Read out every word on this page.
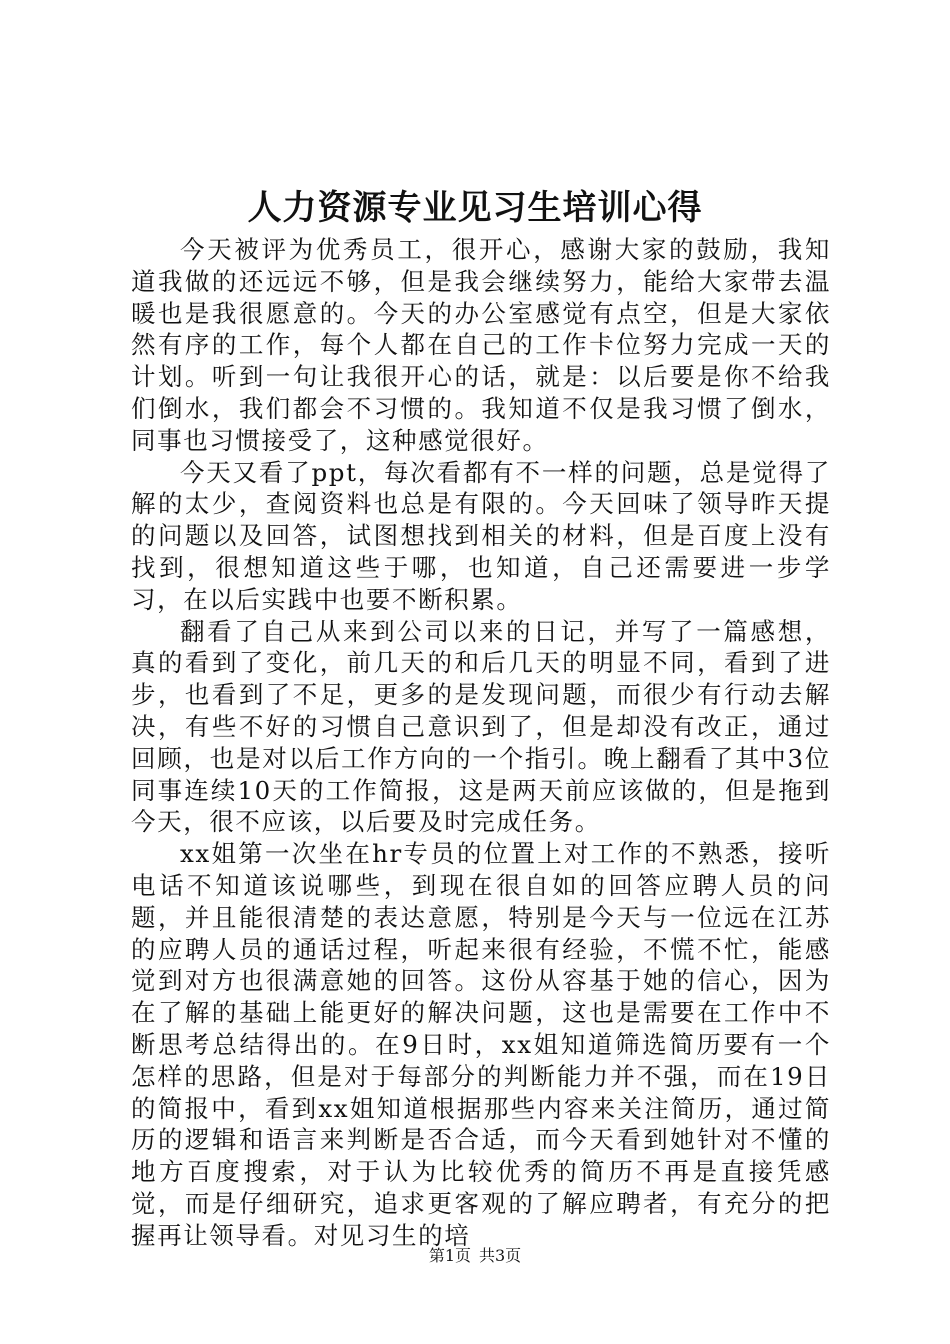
人力资源专业见习生培训心得

今天被评为优秀员工，很开心，感谢大家的鼓励，我知道我做的还远远不够，但是我会继续努力，能给大家带去温暖也是我很愿意的。今天的办公室感觉有点空，但是大家依然有序的工作，每个人都在自己的工作卡位努力完成一天的计划。听到一句让我很开心的话，就是：以后要是你不给我们倒水，我们都会不习惯的。我知道不仅是我习惯了倒水，同事也习惯接受了，这种感觉很好。

今天又看了ppt，每次看都有不一样的问题，总是觉得了解的太少，查阅资料也总是有限的。今天回味了领导昨天提的问题以及回答，试图想找到相关的材料，但是百度上没有找到，很想知道这些于哪，也知道，自己还需要进一步学习，在以后实践中也要不断积累。

翻看了自己从来到公司以来的日记，并写了一篇感想，真的看到了变化，前几天的和后几天的明显不同，看到了进步，也看到了不足，更多的是发现问题，而很少有行动去解决，有些不好的习惯自己意识到了，但是却没有改正，通过回顾，也是对以后工作方向的一个指引。晚上翻看了其中3位同事连续10天的工作简报，这是两天前应该做的，但是拖到今天，很不应该，以后要及时完成任务。

xx姐第一次坐在hr专员的位置上对工作的不熟悉，接听电话不知道该说哪些，到现在很自如的回答应聘人员的问题，并且能很清楚的表达意愿，特别是今天与一位远在江苏的应聘人员的通话过程，听起来很有经验，不慌不忙，能感觉到对方也很满意她的回答。这份从容基于她的信心，因为在了解的基础上能更好的解决问题，这也是需要在工作中不断思考总结得出的。在9日时，xx姐知道筛选简历要有一个怎样的思路，但是对于每部分的判断能力并不强，而在19日的简报中，看到xx姐知道根据那些内容来关注简历，通过简历的逻辑和语言来判断是否合适，而今天看到她针对不懂的地方百度搜索，对于认为比较优秀的简历不再是直接凭感觉，而是仔细研究，追求更客观的了解应聘者，有充分的把握再让领导看。对见习生的培

第1页 共3页
